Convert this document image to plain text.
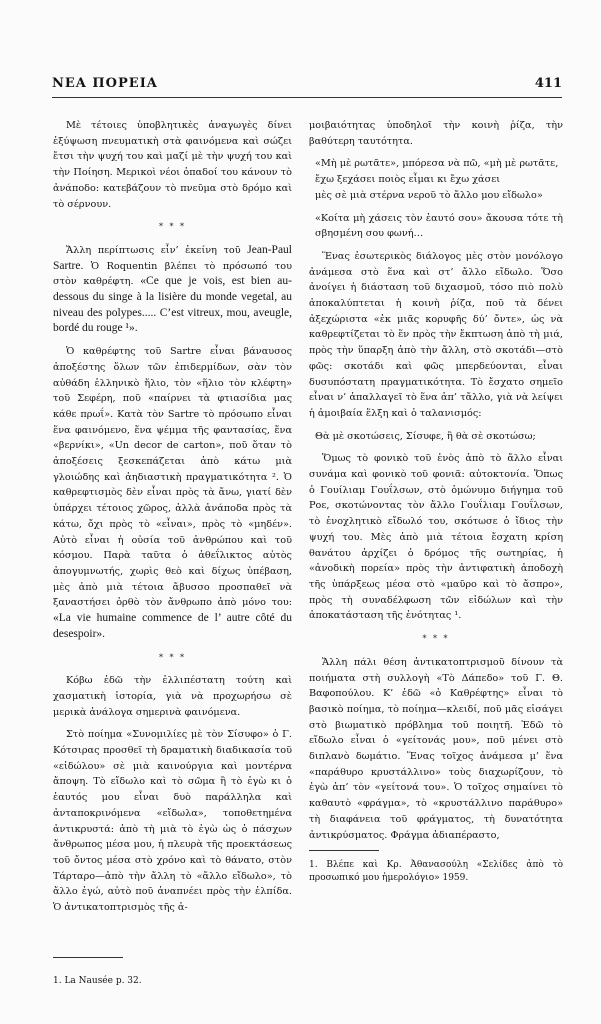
ΝΕΑ ΠΟΡΕΙΑ	411

Μὲ τέτοιες ὑποβλητικὲς ἀναγωγὲς δίνει ἐξύψωση πνευματικὴ στὰ φαινόμενα καὶ σώζει ἔτσι τὴν ψυχή του καὶ μαζί μὲ τὴν ψυχή του καὶ τὴν Ποίηση. Μερικοὶ νέοι ὁπαδοί του κάνουν τὸ ἀνάποδο: κατεβάζουν τὸ πνεῦμα στὸ δρόμο καὶ τὸ σέρνουν.

* * *

Ἄλλη περίπτωσις εἶν’ ἐκείνη τοῦ Jean-Paul Sartre. Ὁ Roquentin βλέπει τὸ πρόσωπό του στὸν καθρέφτη. «Ce que je vois, est bien au-dessous du singe à la lisière du monde vegetal, au niveau des polypes..... C’est vitreux, mou, aveugle, bordé du rouge ¹».

Ὁ καθρέφτης τοῦ Sartre εἶναι βάναυσος ἀποξέστης ὅλων τῶν ἐπιδερμίδων, σὰν τὸν αὐθάδη ἑλληνικὸ ἥλιο, τὸν «ἥλιο τὸν κλέφτη» τοῦ Σεφέρη, ποῦ «παίρνει τὰ φτιασίδια μας κάθε πρωΐ». Κατὰ τὸν Sartre τὸ πρόσωπο εἶναι ἕνα φαινόμενο, ἕνα ψέμμα τῆς φαντασίας, ἕνα «βερνίκι», «Un decor de carton», ποῦ ὅταν τὸ ἀποξέσεις ξεσκεπάζεται ἀπὸ κάτω μιὰ γλοιώδης καὶ ἀηδιαστικὴ πραγματικότητα ². Ὁ καθρεφτισμὸς δὲν εἶναι πρὸς τὰ ἄνω, γιατί δὲν ὑπάρχει τέτοιος χῶρος, ἀλλὰ ἀνάποδα πρὸς τὰ κάτω, ὄχι πρὸς τὸ «εἶναι», πρὸς τὸ «μηδέν». Αὐτὸ εἶναι ἡ οὐσία τοῦ ἀνθρώπου καὶ τοῦ κόσμου. Παρὰ ταῦτα ὁ ἀθεΐλικτος αὐτὸς ἀπογυμνωτής, χωρὶς θεὸ καὶ δίχως ὑπέβαση, μὲς ἀπὸ μιὰ τέτοια ἄβυσσο προσπαθεῖ νὰ ξαναστήσει ὀρθὸ τὸν ἄνθρωπο ἀπὸ μόνο του: «La vie humaine commence de l’ autre côté du desespoir».

* * *

Κόβω ἐδῶ τὴν ἐλλιπέστατη τούτη καὶ χασματικὴ ἱστορία, γιὰ νὰ προχωρήσω σὲ μερικὰ ἀνάλογα σημερινὰ φαινόμενα.

Στὸ ποίημα «Συνομιλίες μὲ τὸν Σίσυφο» ὁ Γ. Κότσιρας προσθεῖ τὴ δραματικὴ διαδικασία τοῦ «εἰδώλου» σὲ μιὰ καινούργια καὶ μοντέρνα ἄποψη. Τὸ εἴδωλο καὶ τὸ σῶμα ἢ τὸ ἐγὼ κι ὁ ἑαυτός μου εἶναι δυὸ παράλληλα καὶ ἀνταποκρινόμενα «εἴδωλα», τοποθετημένα ἀντικρυστά: ἀπὸ τὴ μιὰ τὸ ἐγὼ ὡς ὁ πάσχων ἄνθρωπος μέσα μου, ἡ πλευρὰ τῆς προεκτάσεως τοῦ ὄντος μέσα στὸ χρόνο καὶ τὸ θάνατο, στὸν Τάρταρο—ἀπὸ τὴν ἄλλη τὸ «ἄλλο εἴδωλο», τὸ ἄλλο ἐγώ, αὐτὸ ποῦ ἀναπνέει πρὸς τὴν ἐλπίδα. Ὁ ἀντικατοπτρισμὸς τῆς ἀ-

1. La Nausée p. 32.

μοιβαιότητας ὑποδηλοῖ τὴν κοινὴ ῥίζα, τὴν βαθύτερη ταυτότητα.

«Μὴ μὲ ρωτᾶτε», μπόρεσα νὰ πῶ, «μὴ μὲ ρωτᾶτε,
ἔχω ξεχάσει ποιὸς εἶμαι κι ἔχω χάσει
μὲς σὲ μιὰ στέρνα νεροῦ τὸ ἄλλο μου εἴδωλο»
«Κοίτα μὴ χάσεις τὸν ἑαυτό σου» ἄκουσα τότε τὴ σβησμένη σου φωνή…

Ἕνας ἐσωτερικὸς διάλογος μὲς στὸν μονόλογο ἀνάμεσα στὸ ἕνα καὶ στ’ ἄλλο εἴδωλο. Ὅσο ἀνοίγει ἡ διάσταση τοῦ διχασμοῦ, τόσο πιὸ πολὺ ἀποκαλύπτεται ἡ κοινὴ ῥίζα, ποῦ τὰ δένει ἀξεχώριστα «ἐκ μιᾶς κορυφῆς δύ’ ὄντε», ὡς νὰ καθρεφτίζεται τὸ ἕν πρὸς τὴν ἔκπτωση ἀπὸ τὴ μιά, πρὸς τὴν ὕπαρξη ἀπὸ τὴν ἄλλη, στὸ σκοτάδι—στὸ φῶς: σκοτάδι καὶ φῶς μπερδεύονται, εἶναι δυσυπόστατη πραγματικότητα. Τὸ ἔσχατο σημεῖο εἶναι ν’ ἀπαλλαγεῖ τὸ ἕνα ἀπ’ τἄλλο, γιὰ νὰ λείψει ἡ ἀμοιβαία ἕλξη καὶ ὁ ταλανισμός:

Θὰ μὲ σκοτώσεις, Σίσυφε, ἢ θὰ σὲ σκοτώσω;

Ὅμως τὸ φονικὸ τοῦ ἑνὸς ἀπὸ τὸ ἄλλο εἶναι συνάμα καὶ φονικὸ τοῦ φονιᾶ: αὐτοκτονία. Ὅπως ὁ Γουίλιαμ Γουΐλσων, στὸ ὁμώνυμο διήγημα τοῦ Ροε, σκοτώνοντας τὸν ἄλλο Γουΐλιαμ Γουΐλσων, τὸ ἐνοχλητικὸ εἴδωλό του, σκότωσε ὁ ἴδιος τὴν ψυχή του. Μὲς ἀπὸ μιὰ τέτοια ἔσχατη κρίση θανάτου ἀρχίζει ὁ δρόμος τῆς σωτηρίας, ἡ «ἀνοδικὴ πορεία» πρὸς τὴν ἀντιφατικὴ ἀποδοχὴ τῆς ὑπάρξεως μέσα στὸ «μαῦρο καὶ τὸ ἄσπρο», πρὸς τὴ συναδέλφωση τῶν εἰδώλων καὶ τὴν ἀποκατάσταση τῆς ἑνότητας ¹.

* * *

Ἄλλη πάλι θέση ἀντικατοπτρισμοῦ δίνουν τὰ ποιήματα στὴ συλλογὴ «Τὸ Δάπεδο» τοῦ Γ. Θ. Βαφοπούλου. Κ’ ἐδῶ «ὁ Καθρέφτης» εἶναι τὸ βασικὸ ποίημα, τὸ ποίημα—κλειδί, ποῦ μᾶς εἰσάγει στὸ βιωματικὸ πρόβλημα τοῦ ποιητῆ. Ἐδῶ τὸ εἴδωλο εἶναι ὁ «γείτονάς μου», ποῦ μένει στὸ διπλανὸ δωμάτιο. Ἕνας τοῖχος ἀνάμεσα μ’ ἕνα «παράθυρο κρυστάλλινο» τοὺς διαχωρίζουν, τὸ ἐγὼ ἀπ’ τὸν «γείτονά του». Ὁ τοῖχος σημαίνει τὸ καθαυτὸ «φράγμα», τὸ «κρυστάλλινο παράθυρο» τὴ διαφάνεια τοῦ φράγματος, τὴ δυνατότητα ἀντικρύσματος. Φράγμα ἀδιαπέραστο,

1. Βλέπε καὶ Κρ. Ἀθανασούλη «Σελίδες ἀπὸ τὸ προσωπικό μου ἡμερολόγιο» 1959.
